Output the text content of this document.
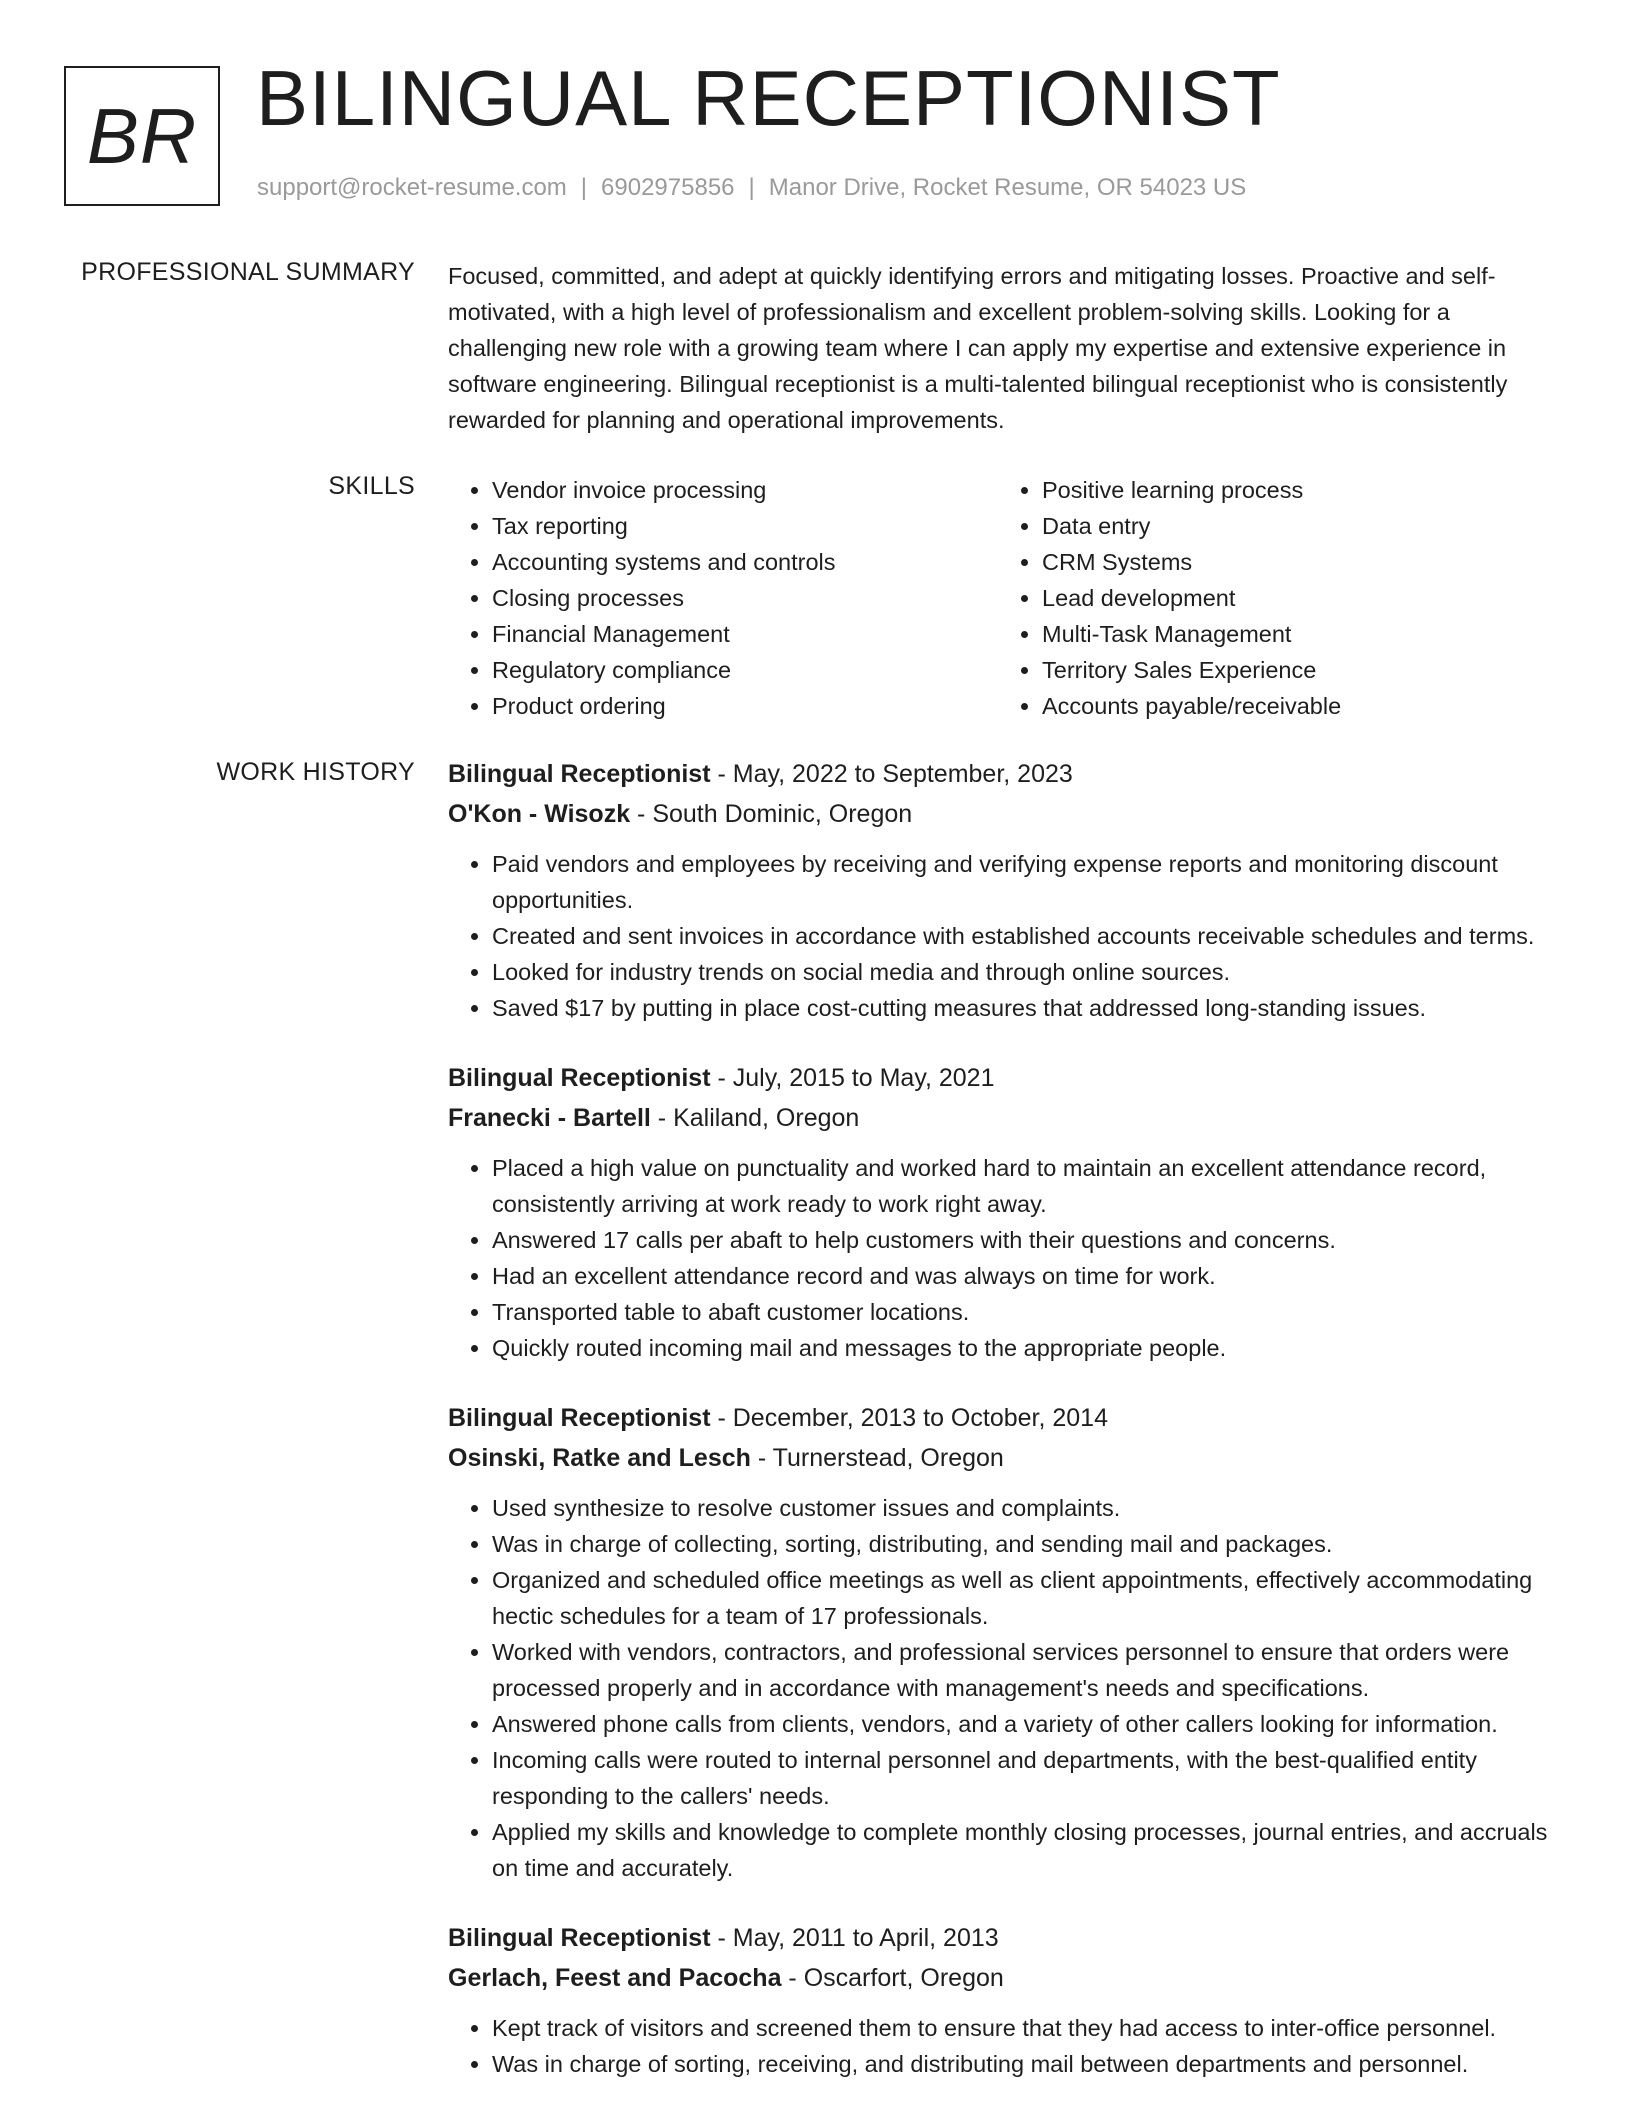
BR BILINGUAL RECEPTIONIST
support@rocket-resume.com | 6902975856 | Manor Drive, Rocket Resume, OR 54023 US
PROFESSIONAL SUMMARY Focused, committed, and adept at quickly identifying errors and mitigating losses. Proactive and self-motivated, with a high level of professionalism and excellent problem-solving skills. Looking for a challenging new role with a growing team where I can apply my expertise and extensive experience in software engineering. Bilingual receptionist is a multi-talented bilingual receptionist who is consistently rewarded for planning and operational improvements.

SKILLS
•	Vendor invoice processing
• Tax reporting
• Accounting systems and controls
• Closing processes
• Financial Management
• Regulatory compliance
• Product ordering
• Positive learning process
• Data entry
• CRM Systems
• Lead development
• Multi-Task Management
• Territory Sales Experience
• Accounts payable/receivable
WORK HISTORY Bilingual Receptionist - May, 2022 to September, 2023
O'Kon - Wisozk - South Dominic, Oregon
• Paid vendors and employees by receiving and verifying expense reports and monitoring discount opportunities.
• Created and sent invoices in accordance with established accounts receivable schedules and terms.
• Looked for industry trends on social media and through online sources.
• Saved $17 by putting in place cost-cutting measures that addressed long-standing issues.
Bilingual Receptionist - July, 2015 to May, 2021
Franecki - Bartell - Kaliland, Oregon
• Placed a high value on punctuality and worked hard to maintain an excellent attendance record, consistently arriving at work ready to work right away.
• Answered 17 calls per abaft to help customers with their questions and concerns.
• Had an excellent attendance record and was always on time for work.
• Transported table to abaft customer locations.
• Quickly routed incoming mail and messages to the appropriate people.
Bilingual Receptionist - December, 2013 to October, 2014
Osinski, Ratke and Lesch - Turnerstead, Oregon
• Used synthesize to resolve customer issues and complaints.
• Was in charge of collecting, sorting, distributing, and sending mail and packages.
• Organized and scheduled office meetings as well as client appointments, effectively accommodating hectic schedules for a team of 17 professionals.
• Worked with vendors, contractors, and professional services personnel to ensure that orders were processed properly and in accordance with management's needs and specifications.
• Answered phone calls from clients, vendors, and a variety of other callers looking for information.
• Incoming calls were routed to internal personnel and departments, with the best-qualified entity responding to the callers' needs.
• Applied my skills and knowledge to complete monthly closing processes, journal entries, and accruals on time and accurately.
Bilingual Receptionist - May, 2011 to April, 2013
Gerlach, Feest and Pacocha - Oscarfort, Oregon
• Kept track of visitors and screened them to ensure that they had access to inter-office personnel.
• Was in charge of sorting, receiving, and distributing mail between departments and personnel.
